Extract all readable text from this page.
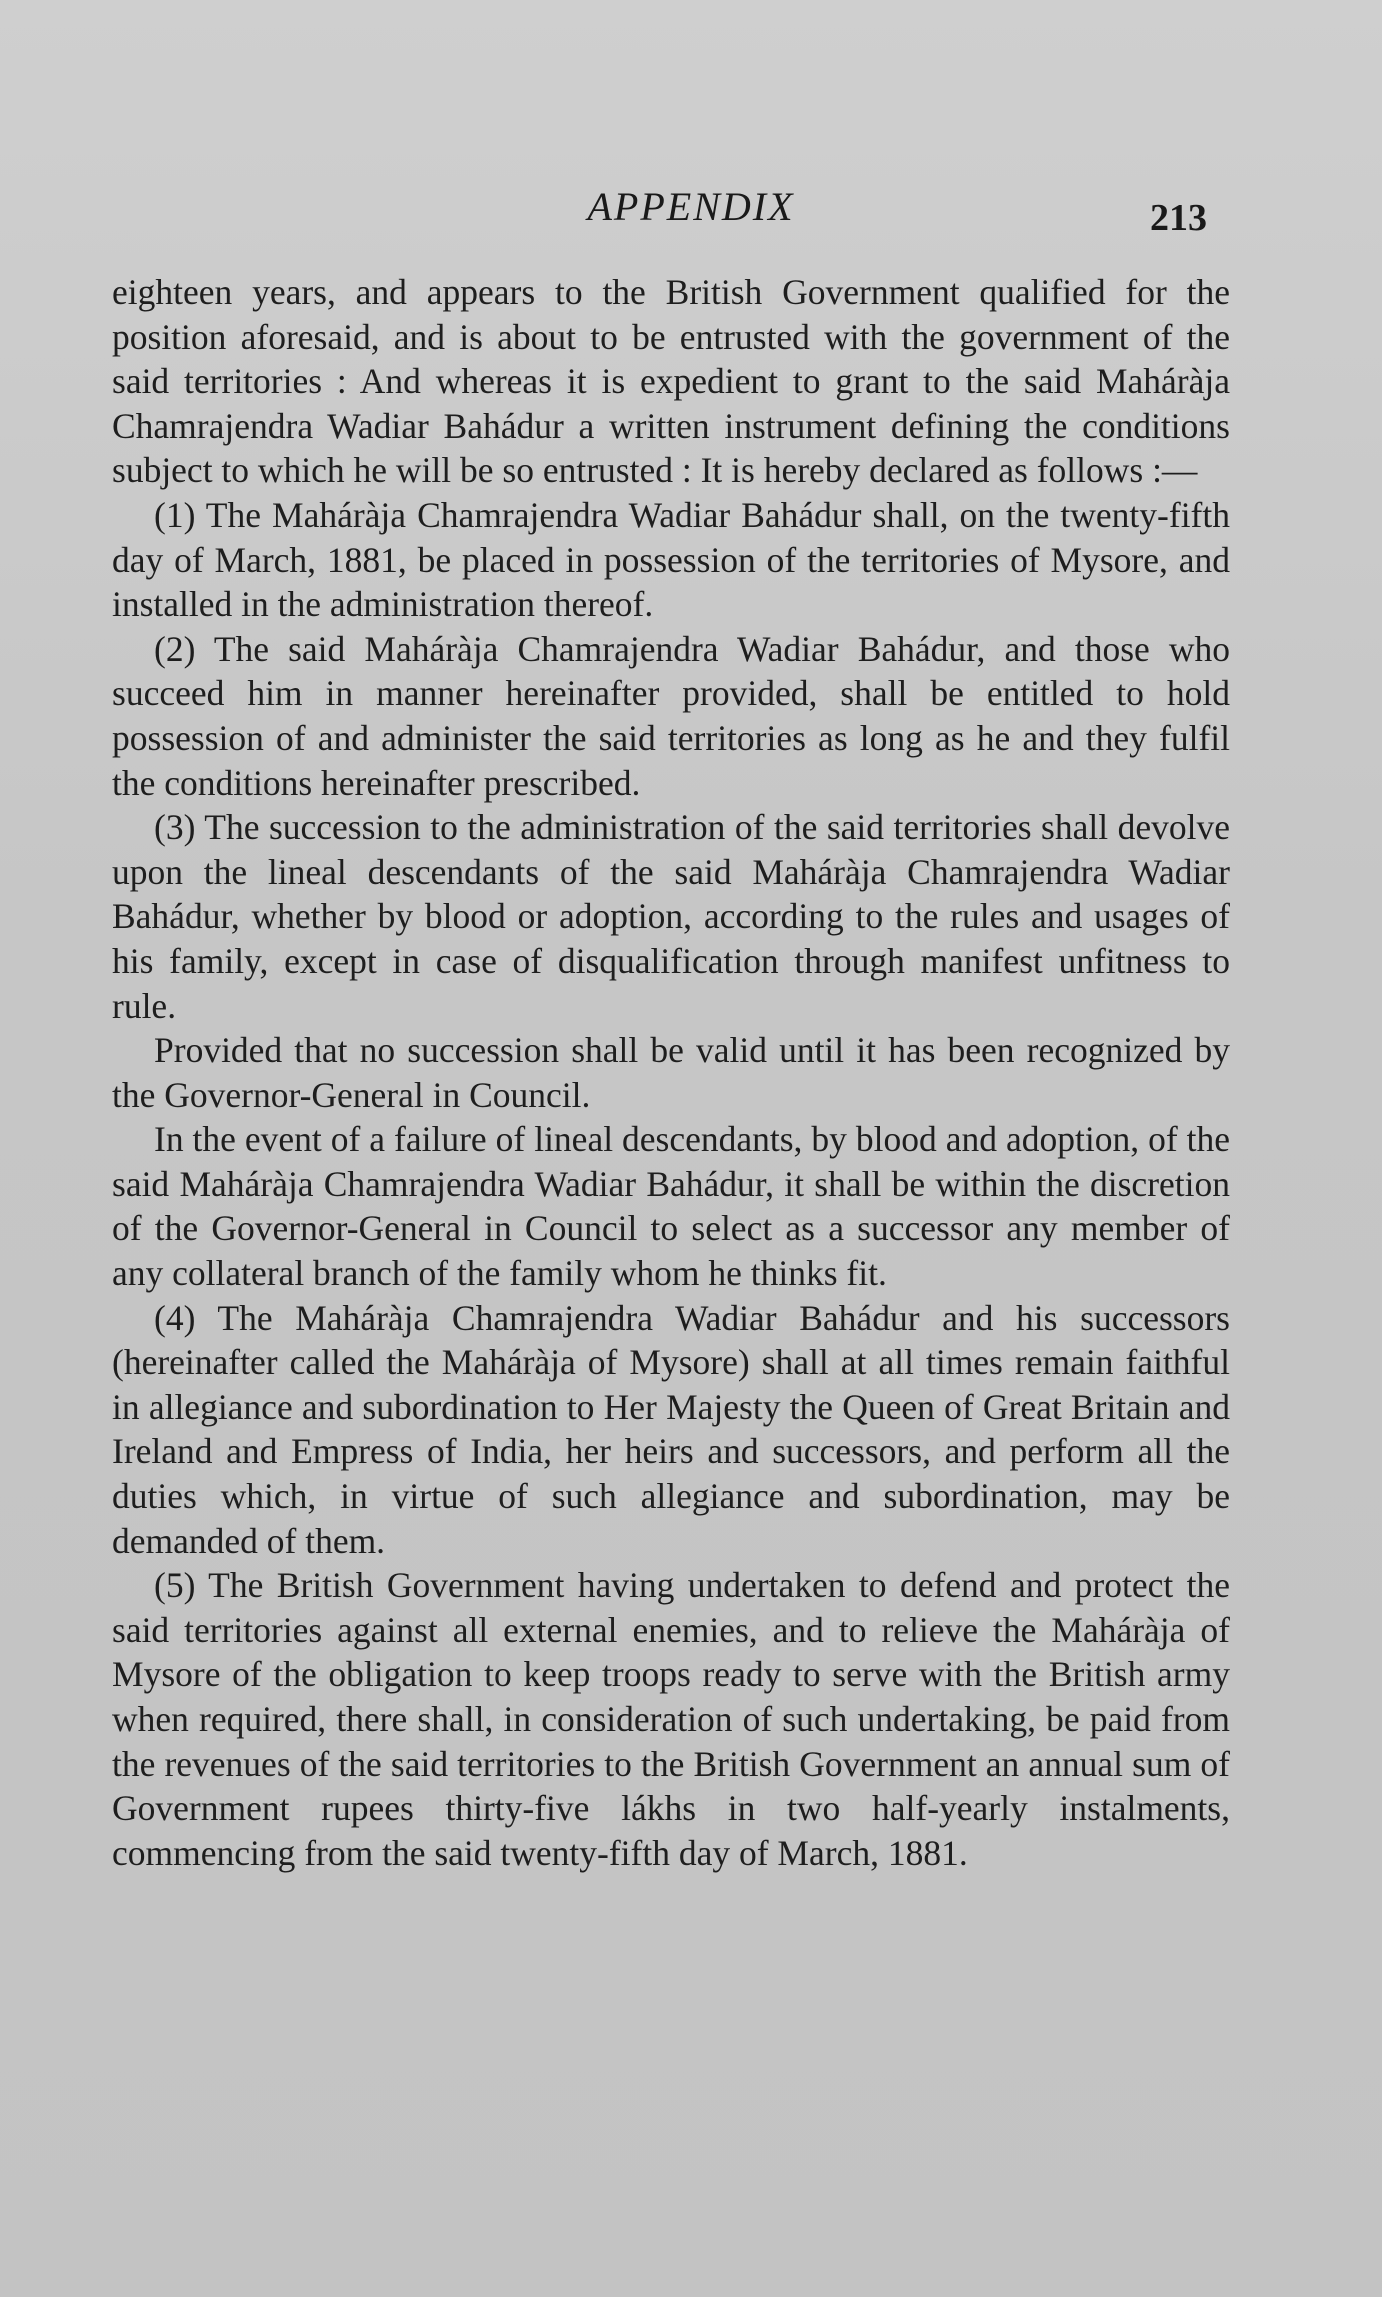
APPENDIX	213

eighteen years, and appears to the British Government qualified for the position aforesaid, and is about to be entrusted with the government of the said territories : And whereas it is expedient to grant to the said Maháràja Chamrajendra Wadiar Bahádur a written instrument defining the conditions subject to which he will be so entrusted : It is hereby declared as follows :—

(1) The Maháràja Chamrajendra Wadiar Bahádur shall, on the twenty-fifth day of March, 1881, be placed in possession of the territories of Mysore, and installed in the administration thereof.

(2) The said Maháràja Chamrajendra Wadiar Bahádur, and those who succeed him in manner hereinafter provided, shall be entitled to hold possession of and administer the said territories as long as he and they fulfil the conditions hereinafter prescribed.

(3) The succession to the administration of the said territories shall devolve upon the lineal descendants of the said Maháràja Chamrajendra Wadiar Bahádur, whether by blood or adoption, according to the rules and usages of his family, except in case of disqualification through manifest unfitness to rule.

Provided that no succession shall be valid until it has been recognized by the Governor-General in Council.

In the event of a failure of lineal descendants, by blood and adoption, of the said Maháràja Chamrajendra Wadiar Bahádur, it shall be within the discretion of the Governor-General in Council to select as a successor any member of any collateral branch of the family whom he thinks fit.

(4) The Maháràja Chamrajendra Wadiar Bahádur and his successors (hereinafter called the Maháràja of Mysore) shall at all times remain faithful in allegiance and subordination to Her Majesty the Queen of Great Britain and Ireland and Empress of India, her heirs and successors, and perform all the duties which, in virtue of such allegiance and subordination, may be demanded of them.

(5) The British Government having undertaken to defend and protect the said territories against all external enemies, and to relieve the Maháràja of Mysore of the obligation to keep troops ready to serve with the British army when required, there shall, in consideration of such undertaking, be paid from the revenues of the said territories to the British Government an annual sum of Government rupees thirty-five lákhs in two half-yearly instalments, commencing from the said twenty-fifth day of March, 1881.
